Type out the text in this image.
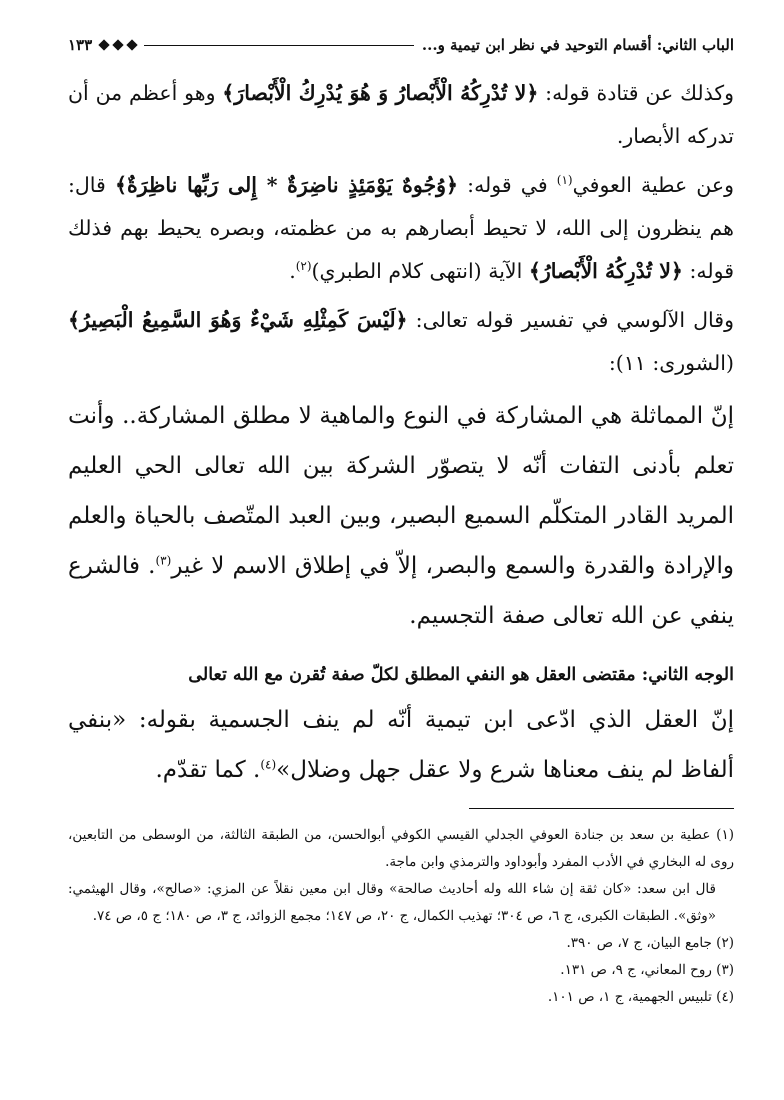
الباب الثاني: أقسام التوحيد في نظر ابن تيمية و...
١٣٣

وكذلك عن قتادة قوله: ﴿لا تُدْرِكُهُ الْأَبْصارُ وَ هُوَ يُدْرِكُ الْأَبْصارَ﴾ وهو أعظم من أن تدركه الأبصار.

وعن عطية العوفي$^{(١)}$ في قوله: ﴿وُجُوهٌ يَوْمَئِذٍ ناضِرَةٌ * إِلى رَبِّها ناظِرَةٌ﴾ قال: هم ينظرون إلى الله، لا تحيط أبصارهم به من عظمته، وبصره يحيط بهم فذلك قوله: ﴿لا تُدْرِكُهُ الْأَبْصارُ﴾ الآية (انتهى كلام الطبري)$^{(٢)}$.

وقال الآلوسي في تفسير قوله تعالى: ﴿لَيْسَ كَمِثْلِهِ شَيْءٌ وَهُوَ السَّمِيعُ الْبَصِيرُ﴾ (الشورى: ١١):

إنّ المماثلة هي المشاركة في النوع والماهية لا مطلق المشاركة.. وأنت تعلم بأدنى التفات أنّه لا يتصوّر الشركة بين الله تعالى الحي العليم المريد القادر المتكلّم السميع البصير، وبين العبد المتّصف بالحياة والعلم والإرادة والقدرة والسمع والبصر، إلاّ في إطلاق الاسم لا غير$^{(٣)}$. فالشرع ينفي عن الله تعالى صفة التجسيم.

الوجه الثاني: مقتضى العقل هو النفي المطلق لكلّ صفة تُقرن مع الله تعالى

إنّ العقل الذي ادّعى ابن تيمية أنّه لم ينف الجسمية بقوله: «بنفي ألفاظ لم ينف معناها شرع ولا عقل جهل وضلال»$^{(٤)}$. كما تقدّم.

(١) عطية بن سعد بن جنادة العوفي الجدلي القيسي الكوفي أبوالحسن، من الطبقة الثالثة، من الوسطى من التابعين، روى له البخاري في الأدب المفرد وأبوداود والترمذي وابن ماجة.

قال ابن سعد: «كان ثقة إن شاء الله وله أحاديث صالحة» وقال ابن معين نقلاً عن المزي: «صالح»، وقال الهيثمي: «وثق». الطبقات الكبرى، ج ٦، ص ٣٠٤؛ تهذيب الكمال، ج ٢٠، ص ١٤٧؛ مجمع الزوائد، ج ٣، ص ١٨٠؛ ج ٥، ص ٧٤.

(٢) جامع البيان، ج ٧، ص ٣٩٠.

(٣) روح المعاني، ج ٩، ص ١٣١.

(٤) تلبيس الجهمية، ج ١، ص ١٠١.
